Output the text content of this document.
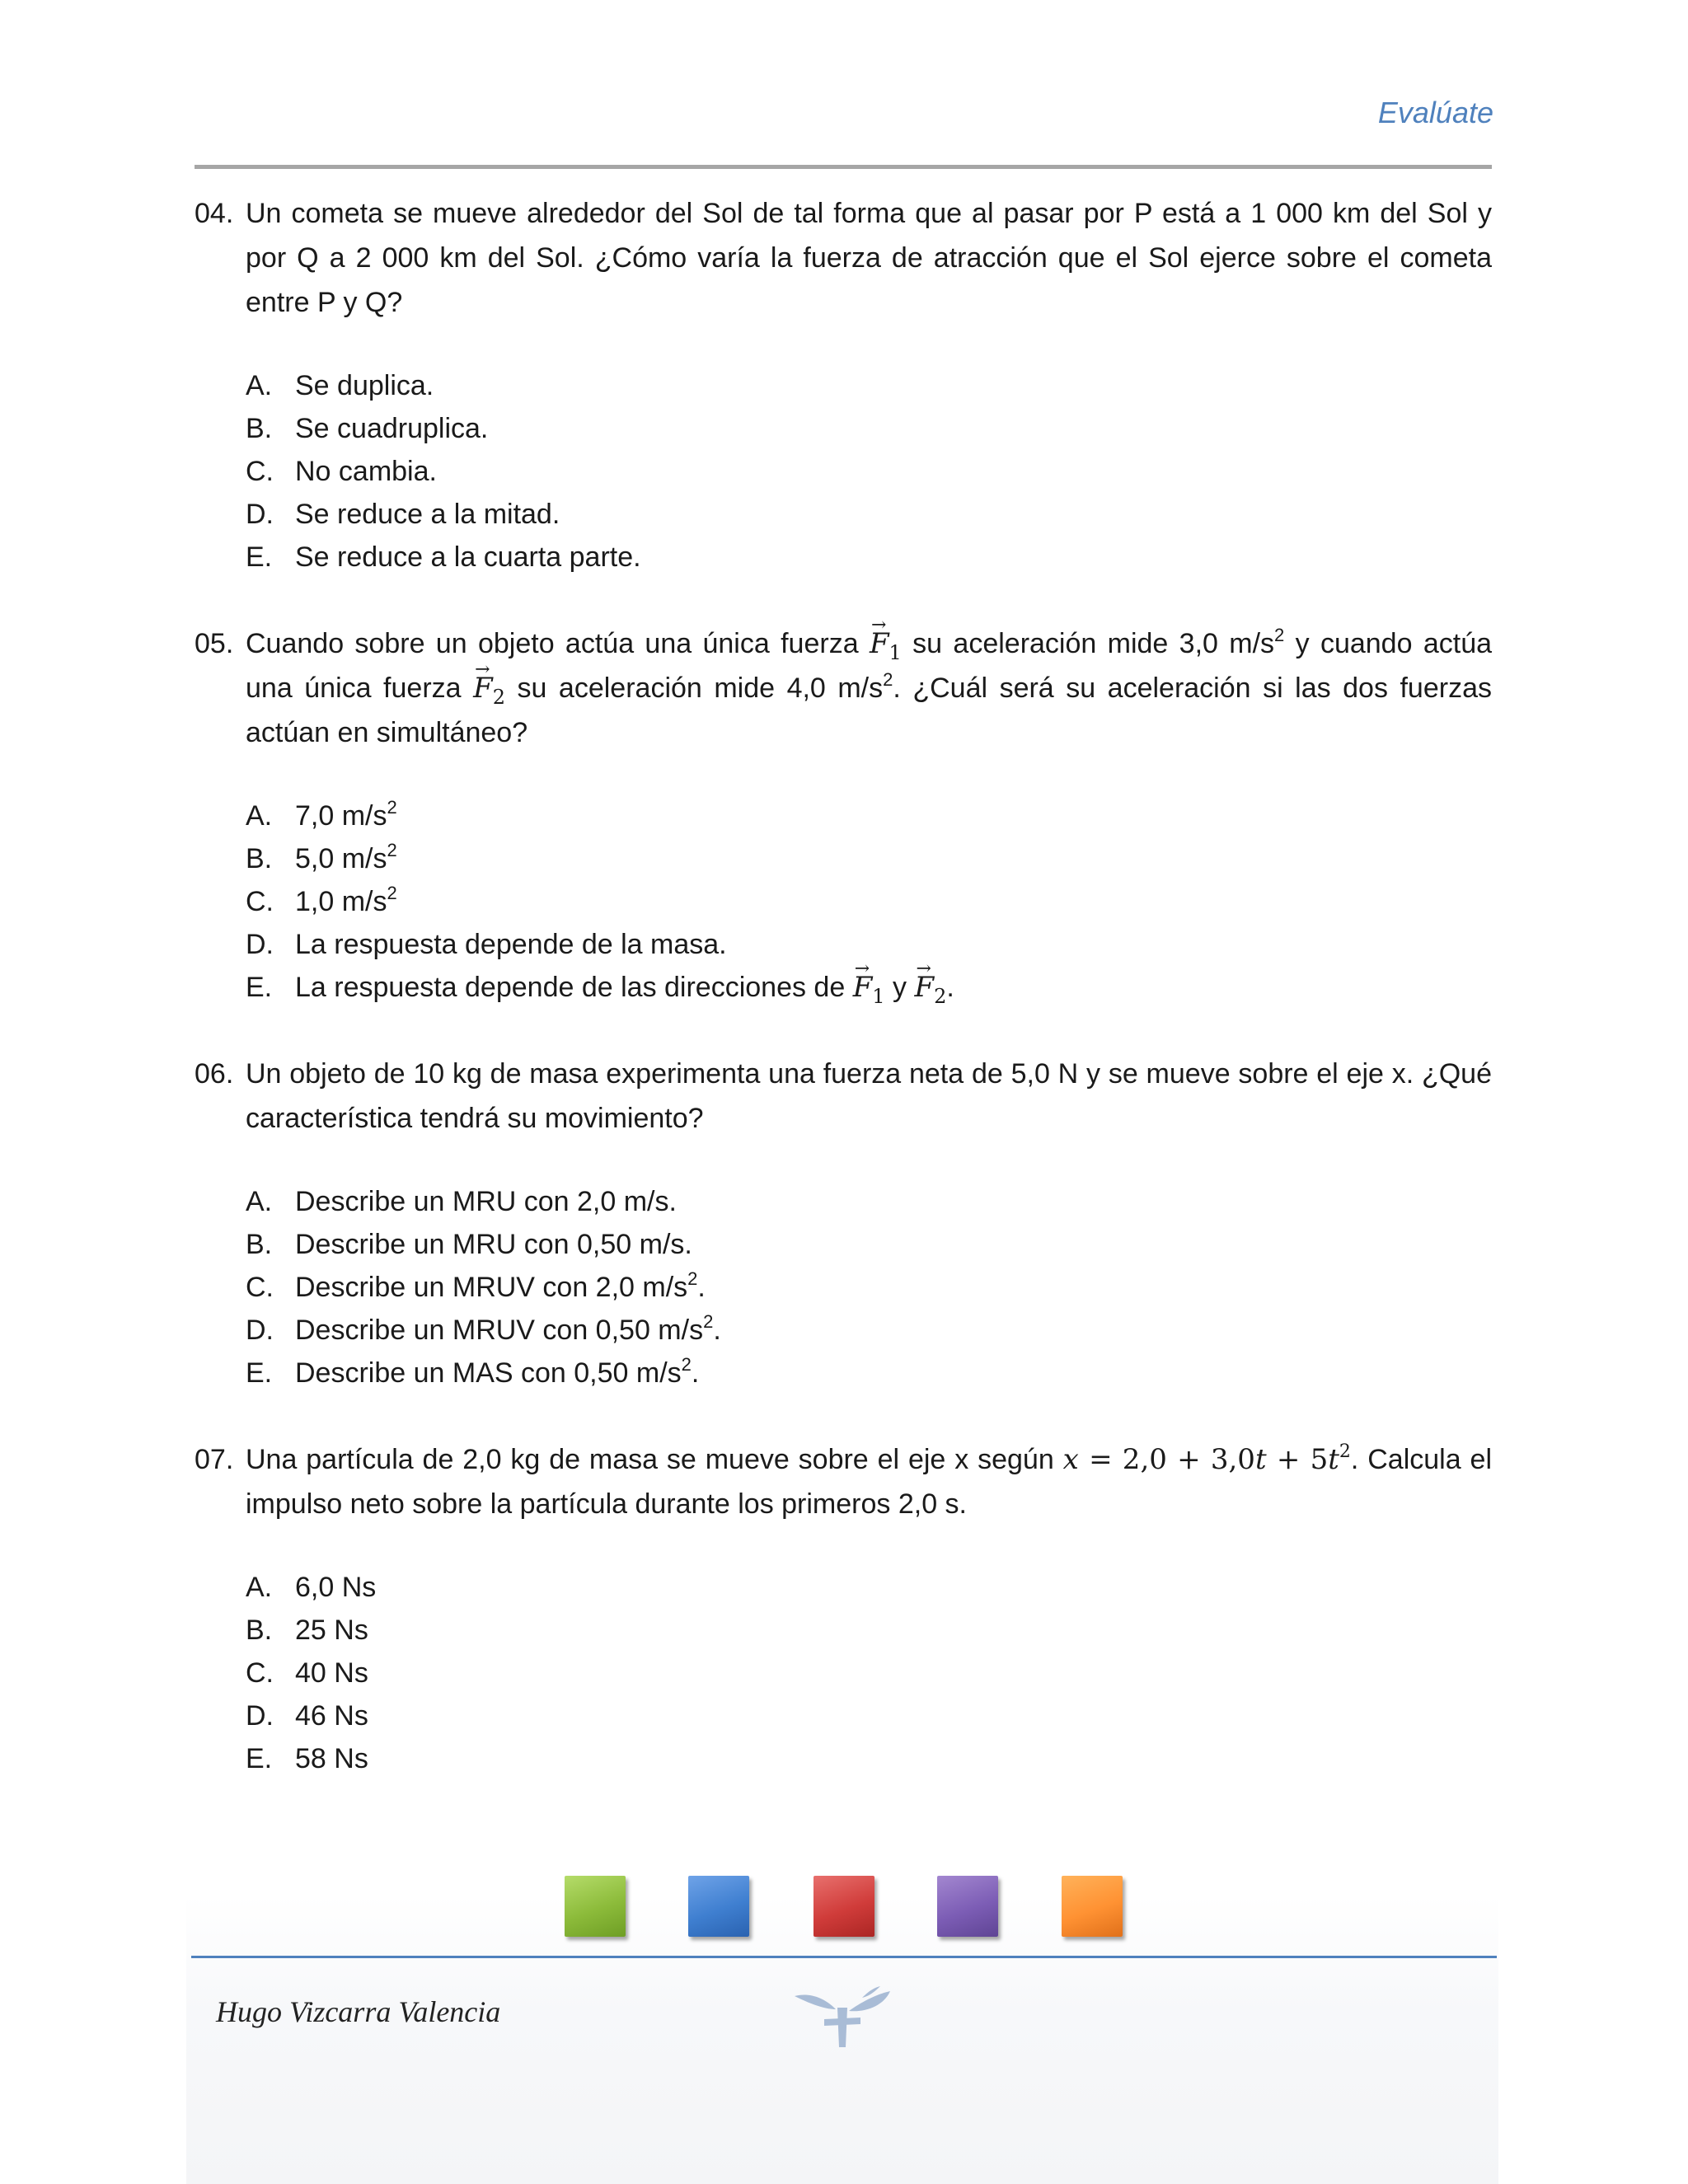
Evalúate
04. Un cometa se mueve alrededor del Sol de tal forma que al pasar por P está a 1 000 km del Sol y por Q a 2 000 km del Sol. ¿Cómo varía la fuerza de atracción que el Sol ejerce sobre el cometa entre P y Q?
A. Se duplica.
B. Se cuadruplica.
C. No cambia.
D. Se reduce a la mitad.
E. Se reduce a la cuarta parte.
05. Cuando sobre un objeto actúa una única fuerza → $F_1$ su aceleración mide 3,0 $m/s^2$ y cuando actúa una única fuerza → $F_2$ su aceleración mide 4,0 $m/s^2$. ¿Cuál será su aceleración si las dos fuerzas actúan en simultáneo?
A. 7,0 $m/s^2$
B. 5,0 $m/s^2$
C. 1,0 $m/s^2$
D. La respuesta depende de la masa.
E. La respuesta depende de las direcciones de → $F_1$ $y \to F_2$.
06. Un objeto de 10 kg de masa experimenta una fuerza neta de 5,0 N y se mueve sobre el eje x. ¿Qué característica tendrá su movimiento?
A. Describe un MRU con 2,0 m/s.
B. Describe un MRU con 0,50 m/s.
C. Describe un MRUV con 2,0 $m/s^2$.
D. Describe un MRUV con 0,50 $m/s^2$.
E. Describe un MAS con 0,50 $m/s^2$.
07. Una partícula de 2,0 kg de masa se mueve sobre el eje x según $x = 2,0 + 3,0t + 5t^2$. Calcula el impulso neto sobre la partícula durante los primeros 2,0 s.
A. 6,0 Ns
B. 25 Ns
C. 40 Ns
D. 46 Ns
E. 58 Ns
Hugo Vizcarra Valencia
